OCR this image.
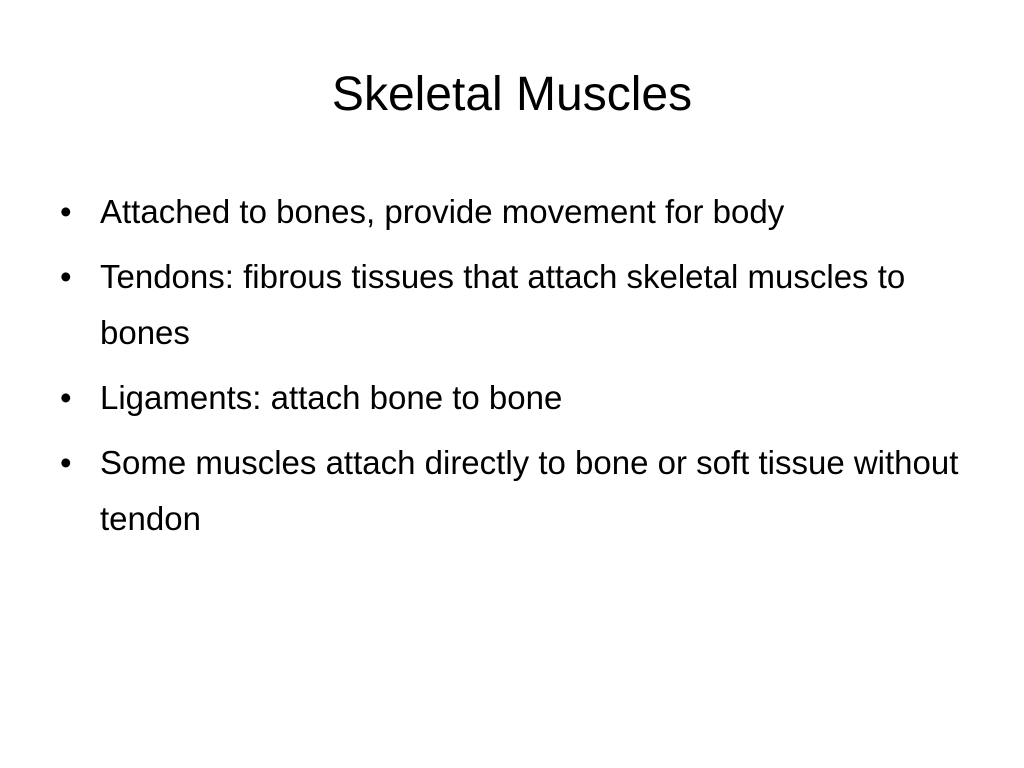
Skeletal Muscles
• Attached to bones, provide movement for body
• Tendons: fibrous tissues that attach skeletal muscles to bones
• Ligaments: attach bone to bone
• Some muscles attach directly to bone or soft tissue without tendon
